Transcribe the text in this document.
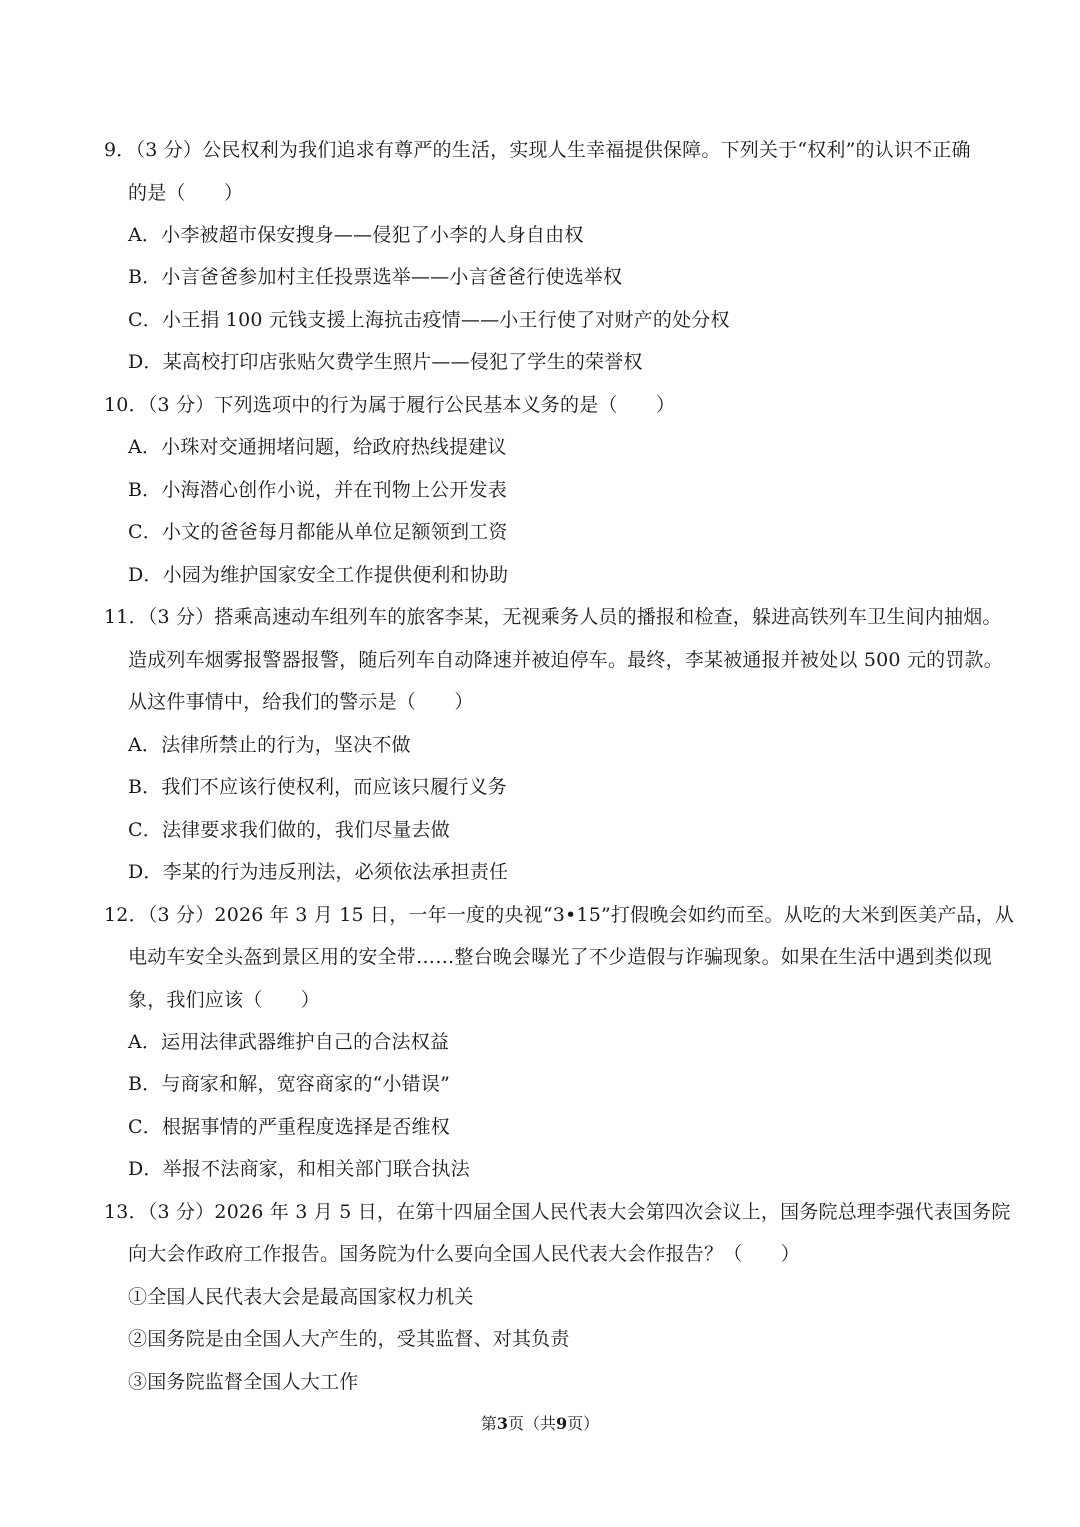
9．（3 分）公民权利为我们追求有尊严的生活，实现人生幸福提供保障。下列关于“权利”的认识不正确
的是（　　）
A．小李被超市保安搜身——侵犯了小李的人身自由权
B．小言爸爸参加村主任投票选举——小言爸爸行使选举权
C．小王捐 100 元钱支援上海抗击疫情——小王行使了对财产的处分权
D．某高校打印店张贴欠费学生照片——侵犯了学生的荣誉权
10．（3 分）下列选项中的行为属于履行公民基本义务的是（　　）
A．小珠对交通拥堵问题，给政府热线提建议
B．小海潜心创作小说，并在刊物上公开发表
C．小文的爸爸每月都能从单位足额领到工资
D．小园为维护国家安全工作提供便利和协助
11．（3 分）搭乘高速动车组列车的旅客李某，无视乘务人员的播报和检查，躲进高铁列车卫生间内抽烟。
造成列车烟雾报警器报警，随后列车自动降速并被迫停车。最终，李某被通报并被处以 500 元的罚款。
从这件事情中，给我们的警示是（　　）
A．法律所禁止的行为，坚决不做
B．我们不应该行使权利，而应该只履行义务
C．法律要求我们做的，我们尽量去做
D．李某的行为违反刑法，必须依法承担责任
12．（3 分）2026 年 3 月 15 日，一年一度的央视“3•15”打假晚会如约而至。从吃的大米到医美产品，从
电动车安全头盔到景区用的安全带……整台晚会曝光了不少造假与诈骗现象。如果在生活中遇到类似现
象，我们应该（　　）
A．运用法律武器维护自己的合法权益
B．与商家和解，宽容商家的“小错误”
C．根据事情的严重程度选择是否维权
D．举报不法商家，和相关部门联合执法
13．（3 分）2026 年 3 月 5 日，在第十四届全国人民代表大会第四次会议上，国务院总理李强代表国务院
向大会作政府工作报告。国务院为什么要向全国人民代表大会作报告？（　　）
①全国人民代表大会是最高国家权力机关
②国务院是由全国人大产生的，受其监督、对其负责
③国务院监督全国人大工作
第3页（共9页）
